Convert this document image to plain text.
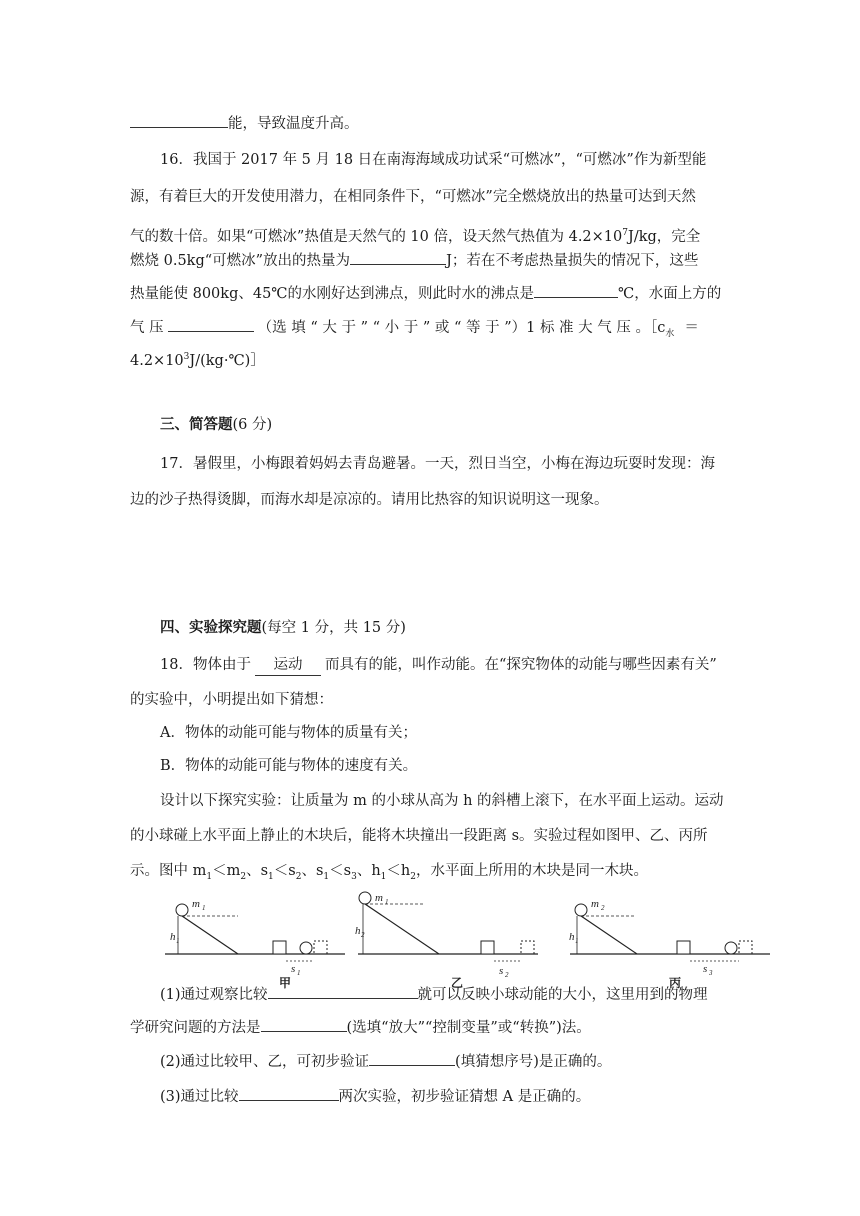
能，导致温度升高。
16．我国于 2017 年 5 月 18 日在南海海域成功试采“可燃冰”，“可燃冰”作为新型能
源，有着巨大的开发使用潜力，在相同条件下，“可燃冰”完全燃烧放出的热量可达到天然
气的数十倍。如果“可燃冰”热值是天然气的 10 倍，设天然气热值为 $4.2\times 10^7J/kg$，完全
燃烧 0.5kg“可燃冰”放出的热量为	J；若在不考虑热量损失的情况下，这些
热量能使 800kg、45℃的水刚好达到沸点，则此时水的沸点是	℃，水面上方的
气 压	（选 填 “ 大 于 ” “ 小 于 ” 或 “ 等 于 ”）1 标 准 大 气 压 。$[c_水$ ＝
$4.2\times 10^3J/(kg\cdot℃)]$
三、简答题(6 分)
17．暑假里，小梅跟着妈妈去青岛避暑。一天，烈日当空，小梅在海边玩耍时发现：海
边的沙子热得烫脚，而海水却是凉凉的。请用比热容的知识说明这一现象。
四、实验探究题(每空 1 分，共 15 分)
18．物体由于 运动 而具有的能，叫作动能。在“探究物体的动能与哪些因素有关”
的实验中，小明提出如下猜想：
A．物体的动能可能与物体的质量有关；
B．物体的动能可能与物体的速度有关。
设计以下探究实验：让质量为 m 的小球从高为 h 的斜槽上滚下，在水平面上运动。运动
的小球碰上水平面上静止的木块后，能将木块撞出一段距离 s。实验过程如图甲、乙、丙所
示。图中 $m_1<m_2$、$s_1<s_2$、$s_1<s_3$、$h_1<h_2$，水平面上所用的木块是同一木块。
m 1
h 1
s 1
甲
m 1
h 2
s 2
乙
m 2
h 1
s 3
丙
(1)通过观察比较	就可以反映小球动能的大小，这里用到的物理
学研究问题的方法是	(选填“放大”“控制变量”或“转换”)法。
(2)通过比较甲、乙，可初步验证	(填猜想序号)是正确的。
(3)通过比较	两次实验，初步验证猜想 A 是正确的。
